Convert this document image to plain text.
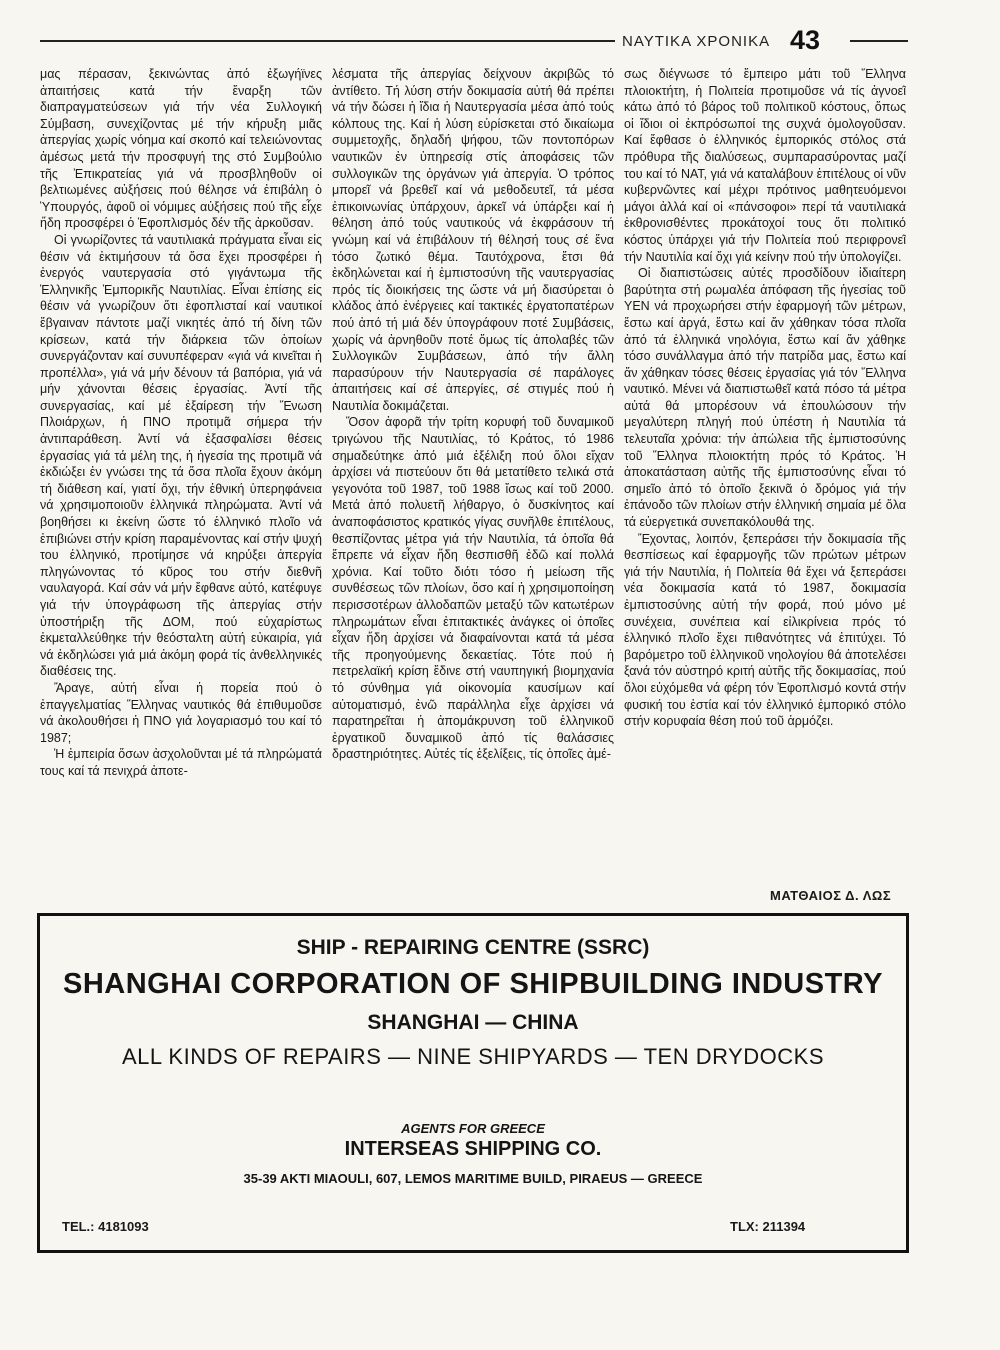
ΝΑΥΤΙΚΑ ΧΡΟΝΙΚΑ 43

μας πέρασαν, ξεκινώντας ἀπό ἐξωγήϊνες ἀπαιτήσεις κατά τήν ἔναρξη τῶν διαπραγματεύσεων γιά τήν νέα Συλλογική Σύμβαση, συνεχίζοντας μέ τήν κήρυξη μιᾶς ἀπεργίας χωρίς νόημα καί σκοπό καί τελειώνοντας ἀμέσως μετά τήν προσφυγή της στό Συμβούλιο τῆς Ἐπικρατείας γιά νά προσβληθοῦν οἱ βελτιωμένες αὐξήσεις πού θέλησε νά ἐπιβάλη ὁ Ὑπουργός, ἀφοῦ οἱ νόμιμες αὐξήσεις πού τῆς εἶχε ἤδη προσφέρει ὁ Ἐφοπλισμός δέν τῆς ἀρκοῦσαν.

Οἱ γνωρίζοντες τά ναυτιλιακά πράγματα εἶναι εἰς θέσιν νά ἐκτιμήσουν τά ὅσα ἔχει προσφέρει ἡ ἐνεργός ναυτεργασία στό γιγάντωμα τῆς Ἑλληνικῆς Ἐμπορικῆς Ναυτιλίας. Εἶναι ἐπίσης εἰς θέσιν νά γνωρίζουν ὅτι ἐφοπλισταί καί ναυτικοί ἔβγαιναν πάντοτε μαζί νικητές ἀπό τή δίνη τῶν κρίσεων, κατά τήν διάρκεια τῶν ὁποίων συνεργάζονταν καί συνυπέφεραν «γιά νά κινεῖται ἡ προπέλλα», γιά νά μήν δένουν τά βαπόρια, γιά νά μήν χάνονται θέσεις ἐργασίας. Ἀντί τῆς συνεργασίας, καί μέ ἐξαίρεση τήν Ἕνωση Πλοιάρχων, ἡ ΠΝΟ προτιμᾶ σήμερα τήν ἀντιπαράθεση. Ἀντί νά ἐξασφαλίσει θέσεις ἐργασίας γιά τά μέλη της, ἡ ἡγεσία της προτιμᾶ νά ἐκδιώξει ἐν γνώσει της τά ὅσα πλοῖα ἔχουν ἀκόμη τή διάθεση καί, γιατί ὄχι, τήν ἐθνική ὑπερηφάνεια νά χρησιμοποιοῦν ἑλληνικά πληρώματα. Ἀντί νά βοηθήσει κι ἐκείνη ὥστε τό ἑλληνικό πλοῖο νά ἐπιβιώνει στήν κρίση παραμένοντας καί στήν ψυχή του ἑλληνικό, προτίμησε νά κηρύξει ἀπεργία πληγώνοντας τό κῦρος του στήν διεθνῆ ναυλαγορά. Καί σάν νά μήν ἔφθανε αὐτό, κατέφυγε γιά τήν ὑπογράφωση τῆς ἀπεργίας στήν ὑποστήριξη τῆς ΔΟΜ, πού εὐχαρίστως ἐκμεταλλεύθηκε τήν θεόσταλτη αὐτή εὐκαιρία, γιά νά ἐκδηλώσει γιά μιά ἀκόμη φορά τίς ἀνθελληνικές διαθέσεις της.

Ἄραγε, αὐτή εἶναι ἡ πορεία πού ὁ ἐπαγγελματίας Ἕλληνας ναυτικός θά ἐπιθυμοῦσε νά ἀκολουθήσει ἡ ΠΝΟ γιά λογαριασμό του καί τό 1987;

Ἡ ἐμπειρία ὅσων ἀσχολοῦνται μέ τά πληρώματά τους καί τά πενιχρά ἀποτε-

λέσματα τῆς ἀπεργίας δείχνουν ἀκριβῶς τό ἀντίθετο. Τή λύση στήν δοκιμασία αὐτή θά πρέπει νά τήν δώσει ἡ ἴδια ἡ Ναυτεργασία μέσα ἀπό τούς κόλπους της. Καί ἡ λύση εὑρίσκεται στό δικαίωμα συμμετοχῆς, δηλαδή ψήφου, τῶν ποντοπόρων ναυτικῶν ἐν ὑπηρεσίᾳ στίς ἀποφάσεις τῶν συλλογικῶν της ὀργάνων γιά ἀπεργία. Ὁ τρόπος μπορεῖ νά βρεθεῖ καί νά μεθοδευτεῖ, τά μέσα ἐπικοινωνίας ὑπάρχουν, ἀρκεῖ νά ὑπάρξει καί ἡ θέληση ἀπό τούς ναυτικούς νά ἐκφράσουν τή γνώμη καί νά ἐπιβάλουν τή θέλησή τους σέ ἕνα τόσο ζωτικό θέμα. Ταυτόχρονα, ἔτσι θά ἐκδηλώνεται καί ἡ ἐμπιστοσύνη τῆς ναυτεργασίας πρός τίς διοικήσεις της ὥστε νά μή διασύρεται ὁ κλάδος ἀπό ἐνέργειες καί τακτικές ἐργατοπατέρων πού ἀπό τή μιά δέν ὑπογράφουν ποτέ Συμβάσεις, χωρίς νά ἀρνηθοῦν ποτέ ὅμως τίς ἀπολαβές τῶν Συλλογικῶν Συμβάσεων, ἀπό τήν ἄλλη παρασύρουν τήν Ναυτεργασία σέ παράλογες ἀπαιτήσεις καί σέ ἀπεργίες, σέ στιγμές πού ἡ Ναυτιλία δοκιμάζεται.

Ὅσον ἀφορᾶ τήν τρίτη κορυφή τοῦ δυναμικοῦ τριγώνου τῆς Ναυτιλίας, τό Κράτος, τό 1986 σημαδεύτηκε ἀπό μιά ἐξέλιξη πού ὅλοι εἴχαν ἀρχίσει νά πιστεύουν ὅτι θά μετατίθετο τελικά στά γεγονότα τοῦ 1987, τοῦ 1988 ἴσως καί τοῦ 2000. Μετά ἀπό πολυετῆ λήθαργο, ὁ δυσκίνητος καί ἀναποφάσιστος κρατικός γίγας συνῆλθε ἐπιτέλους, θεσπίζοντας μέτρα γιά τήν Ναυτιλία, τά ὁποῖα θά ἔπρεπε νά εἶχαν ἤδη θεσπισθῆ ἐδῶ καί πολλά χρόνια. Καί τοῦτο διότι τόσο ἡ μείωση τῆς συνθέσεως τῶν πλοίων, ὅσο καί ἡ χρησιμοποίηση περισσοτέρων ἀλλοδαπῶν μεταξύ τῶν κατωτέρων πληρωμάτων εἶναι ἐπιτακτικές ἀνάγκες οἱ ὁποῖες εἶχαν ἤδη ἀρχίσει νά διαφαίνονται κατά τά μέσα τῆς προηγούμενης δεκαετίας. Τότε πού ἡ πετρελαϊκή κρίση ἔδινε στή ναυπηγική βιομηχανία τό σύνθημα γιά οἰκονομία καυσίμων καί αὐτοματισμό, ἐνῶ παράλληλα εἶχε ἀρχίσει νά παρατηρεῖται ἡ ἀπομάκρυνση τοῦ ἑλληνικοῦ ἐργατικοῦ δυναμικοῦ ἀπό τίς θαλάσσιες δραστηριότητες. Αὐτές τίς ἐξελίξεις, τίς ὁποῖες ἀμέ-

σως διέγνωσε τό ἔμπειρο μάτι τοῦ Ἕλληνα πλοιοκτήτη, ἡ Πολιτεία προτιμοῦσε νά τίς ἀγνοεῖ κάτω ἀπό τό βάρος τοῦ πολιτικοῦ κόστους, ὅπως οἱ ἴδιοι οἱ ἐκπρόσωποί της συχνά ὁμολογοῦσαν. Καί ἔφθασε ὁ ἑλληνικός ἐμπορικός στόλος στά πρόθυρα τῆς διαλύσεως, συμπαρασύροντας μαζί του καί τό ΝΑΤ, γιά νά καταλάβουν ἐπιτέλους οἱ νῦν κυβερνῶντες καί μέχρι πρότινος μαθητευόμενοι μάγοι ἀλλά καί οἱ «πάνσοφοι» περί τά ναυτιλιακά ἐκθρονισθέντες προκάτοχοί τους ὅτι πολιτικό κόστος ὑπάρχει γιά τήν Πολιτεία πού περιφρονεῖ τήν Ναυτιλία καί ὄχι γιά κείνην πού τήν ὑπολογίζει.

Οἱ διαπιστώσεις αὐτές προσδίδουν ἰδιαίτερη βαρύτητα στή ρωμαλέα ἀπόφαση τῆς ἡγεσίας τοῦ ΥΕΝ νά προχωρήσει στήν ἐφαρμογή τῶν μέτρων, ἔστω καί ἀργά, ἔστω καί ἄν χάθηκαν τόσα πλοῖα ἀπό τά ἑλληνικά νηολόγια, ἔστω καί ἄν χάθηκε τόσο συνάλλαγμα ἀπό τήν πατρίδα μας, ἔστω καί ἄν χάθηκαν τόσες θέσεις ἐργασίας γιά τόν Ἕλληνα ναυτικό. Μένει νά διαπιστωθεῖ κατά πόσο τά μέτρα αὐτά θά μπορέσουν νά ἐπουλώσουν τήν μεγαλύτερη πληγή πού ὑπέστη ἡ Ναυτιλία τά τελευταῖα χρόνια: τήν ἀπώλεια τῆς ἐμπιστοσύνης τοῦ Ἕλληνα πλοιοκτήτη πρός τό Κράτος. Ἡ ἀποκατάσταση αὐτῆς τῆς ἐμπιστοσύνης εἶναι τό σημεῖο ἀπό τό ὁποῖο ξεκινᾶ ὁ δρόμος γιά τήν ἐπάνοδο τῶν πλοίων στήν ἑλληνική σημαία μέ ὅλα τά εὐεργετικά συνεπακόλουθά της.

Ἔχοντας, λοιπόν, ξεπεράσει τήν δοκιμασία τῆς θεσπίσεως καί ἐφαρμογῆς τῶν πρώτων μέτρων γιά τήν Ναυτιλία, ἡ Πολιτεία θά ἔχει νά ξεπεράσει νέα δοκιμασία κατά τό 1987, δοκιμασία ἐμπιστοσύνης αὐτή τήν φορά, πού μόνο μέ συνέχεια, συνέπεια καί εἰλικρίνεια πρός τό ἑλληνικό πλοῖο ἔχει πιθανότητες νά ἐπιτύχει. Τό βαρόμετρο τοῦ ἑλληνικοῦ νηολογίου θά ἀποτελέσει ξανά τόν αὐστηρό κριτή αὐτῆς τῆς δοκιμασίας, πού ὅλοι εὐχόμεθα νά φέρη τόν Ἐφοπλισμό κοντά στήν φυσική του ἑστία καί τόν ἑλληνικό ἐμπορικό στόλο στήν κορυφαία θέση πού τοῦ ἁρμόζει.

ΜΑΤΘΑΙΟΣ Δ. ΛΩΣ
SHIP - REPAIRING CENTRE (SSRC)
SHANGHAI CORPORATION OF SHIPBUILDING INDUSTRY
SHANGHAI — CHINA
ALL KINDS OF REPAIRS — NINE SHIPYARDS — TEN DRYDOCKS
AGENTS FOR GREECE
INTERSEAS SHIPPING CO.
35-39 AKTI MIAOULI, 607, LEMOS MARITIME BUILD, PIRAEUS — GREECE
TEL.: 4181093	TLX: 211394
